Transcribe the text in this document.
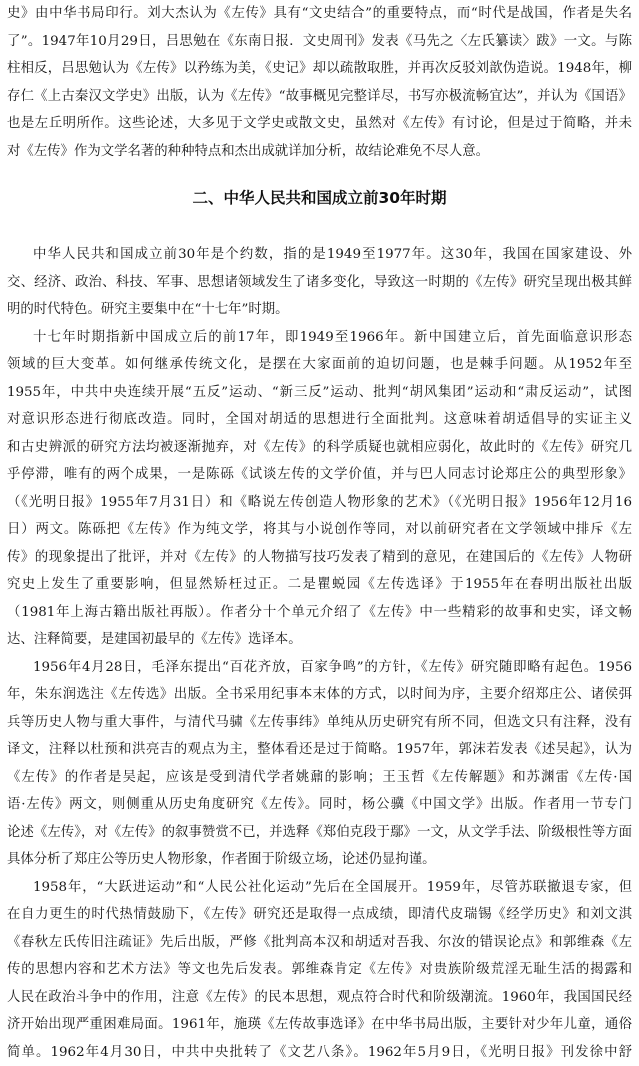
史》由中华书局印行。刘大杰认为《左传》具有“文史结合”的重要特点，而“时代是战国，作者是失名
了”。1947年10月29日，吕思勉在《东南日报．文史周刊》发表《马先之〈左氏纂读〉跋》一文。与陈
柱相反，吕思勉认为《左传》以矜练为美，《史记》却以疏散取胜，并再次反驳刘歆伪造说。1948年，柳
存仁《上古秦汉文学史》出版，认为《左传》“故事概见完整详尽，书写亦极流畅宜达”，并认为《国语》
也是左丘明所作。这些论述，大多见于文学史或散文史，虽然对《左传》有讨论，但是过于简略，并未
对《左传》作为文学名著的种种特点和杰出成就详加分析，故结论难免不尽人意。
二、中华人民共和国成立前30年时期
中华人民共和国成立前30年是个约数，指的是1949至1977年。这30年，我国在国家建设、外
交、经济、政治、科技、军事、思想诸领域发生了诸多变化，导致这一时期的《左传》研究呈现出极其鲜
明的时代特色。研究主要集中在“十七年”时期。
十七年时期指新中国成立后的前17年，即1949至1966年。新中国建立后，首先面临意识形态
领域的巨大变革。如何继承传统文化，是摆在大家面前的迫切问题，也是棘手问题。从1952年至
1955年，中共中央连续开展“五反”运动、“新三反”运动、批判“胡风集团”运动和“肃反运动”，试图
对意识形态进行彻底改造。同时，全国对胡适的思想进行全面批判。这意味着胡适倡导的实证主义
和古史辨派的研究方法均被逐渐抛弃，对《左传》的科学质疑也就相应弱化，故此时的《左传》研究几
乎停滞，唯有的两个成果，一是陈砾《试谈左传的文学价值，并与巴人同志讨论郑庄公的典型形象》
（《光明日报》1955年7月31日）和《略说左传创造人物形象的艺术》（《光明日报》1956年12月16
日）两文。陈砾把《左传》作为纯文学，将其与小说创作等同，对以前研究者在文学领域中排斥《左
传》的现象提出了批评，并对《左传》的人物描写技巧发表了精到的意见，在建国后的《左传》人物研
究史上发生了重要影响，但显然矫枉过正。二是瞿蜕园《左传选译》于1955年在春明出版社出版
（1981年上海古籍出版社再版）。作者分十个单元介绍了《左传》中一些精彩的故事和史实，译文畅
达、注释简要，是建国初最早的《左传》选译本。
1956年4月28日，毛泽东提出“百花齐放，百家争鸣”的方针，《左传》研究随即略有起色。1956
年，朱东润选注《左传选》出版。全书采用纪事本末体的方式，以时间为序，主要介绍郑庄公、诸侯弭
兵等历史人物与重大事件，与清代马骕《左传事纬》单纯从历史研究有所不同，但选文只有注释，没有
译文，注释以杜预和洪亮吉的观点为主，整体看还是过于简略。1957年，郭沫若发表《述吴起》，认为
《左传》的作者是吴起，应该是受到清代学者姚鼐的影响；王玉哲《左传解题》和苏渊雷《左传·国
语·左传》两文，则侧重从历史角度研究《左传》。同时，杨公骥《中国文学》出版。作者用一节专门
论述《左传》，对《左传》的叙事赞赏不已，并选释《郑伯克段于鄢》一文，从文学手法、阶级根性等方面
具体分析了郑庄公等历史人物形象，作者囿于阶级立场，论述仍显拘谨。
1958年，“大跃进运动”和“人民公社化运动”先后在全国展开。1959年，尽管苏联撤退专家，但
在自力更生的时代热情鼓励下，《左传》研究还是取得一点成绩，即清代皮瑞锡《经学历史》和刘文淇
《春秋左氏传旧注疏证》先后出版，严修《批判高本汉和胡适对吾我、尔汝的错误论点》和郭维森《左
传的思想内容和艺术方法》等文也先后发表。郭维森肯定《左传》对贵族阶级荒淫无耻生活的揭露和
人民在政治斗争中的作用，注意《左传》的民本思想，观点符合时代和阶级潮流。1960年，我国国民经
济开始出现严重困难局面。1961年，施瑛《左传故事选译》在中华书局出版，主要针对少年儿童，通俗
简单。1962年4月30日，中共中央批转了《文艺八条》。1962年5月9日，《光明日报》刊发徐中舒
